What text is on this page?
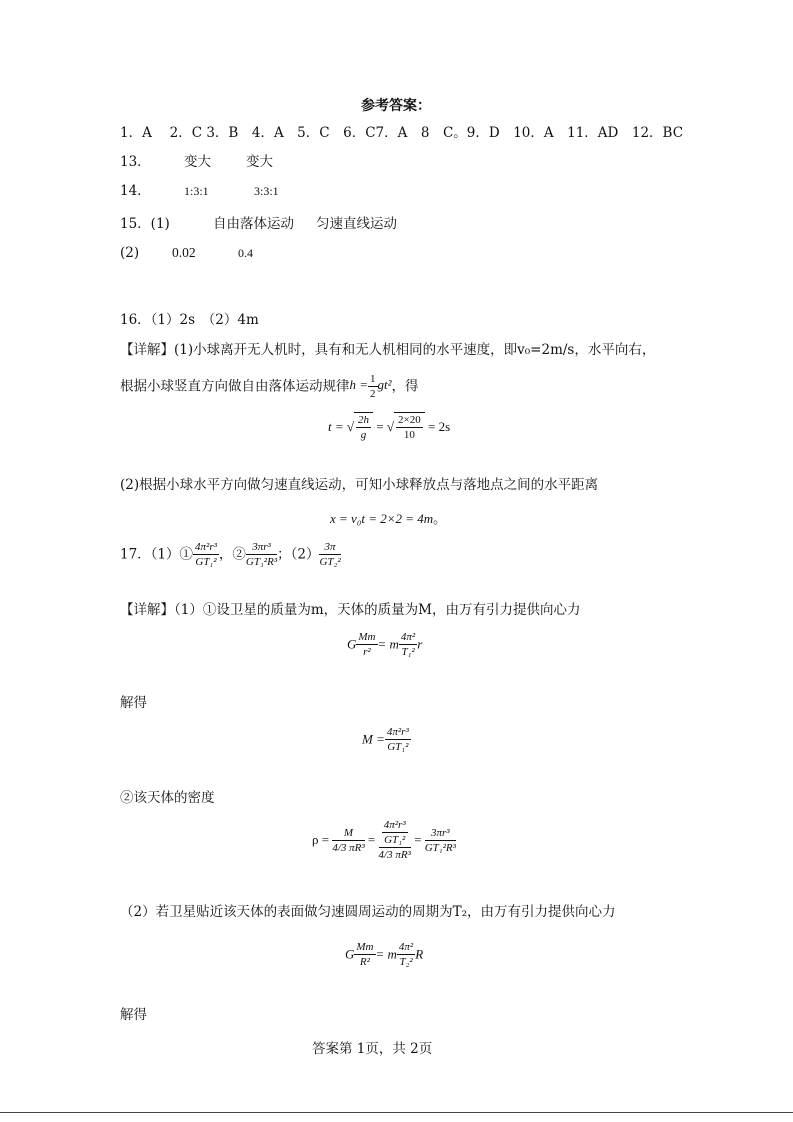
参考答案：
1．A　 2．C 3．B　4．A　5．C　6．C7．A　8　C。9．D　10．A　11．AD　12．BC
13． 变大	变大
14．	1:3:1	3:3:1
15．(1)	自由落体运动 匀速直线运动
(2) 0.02	0.4
16．（1）2s　（2）4m
【详解】(1)小球离开无人机时，具有和无人机相同的水平速度，即v₀=2m/s，水平向右，
根据小球竖直方向做自由落体运动规律$h = \frac{1}{2} gt^2$，得
t = √ $\frac{2h}{g}$ = √ $\frac{2\times 20}{10} = 2s$
(2)根据小球水平方向做匀速直线运动，可知小球释放点与落地点之间的水平距离
x = v₀t = 2×2 = 4m。
17．（1）① $\frac{\text{4π²r³}}{\text{GT₁²}}$ ，② $\frac{\text{3πr³}}{\text{GT₁²R³}}$ ；$(2) \frac{3\pi}{\text{GT₂²}}$
【详解】（1）①设卫星的质量为m，天体的质量为M，由万有引力提供向心力
G $\frac{Mm}{\text{r²}} = m \frac{\text{4π²}}{\text{T₁²}}$ r
解得
$M = \frac{\text{4π²r³}}{\text{GT₁²}}$
②该天体的密度
$\rho = \frac{M}{\text{4/3 πR³}} = \frac{\frac{\text{4π²r³}}{\text{GT₁²}}}{\text{4/3 πR³}} = \frac{\text{3πr³}}{\text{GT₁²R³}}$
（2）若卫星贴近该天体的表面做匀速圆周运动的周期为T₂，由万有引力提供向心力
G $\frac{Mm}{\text{R²}} = m \frac{\text{4π²}}{\text{T₂²}}$ R
解得
答案第 1页，共 2页
